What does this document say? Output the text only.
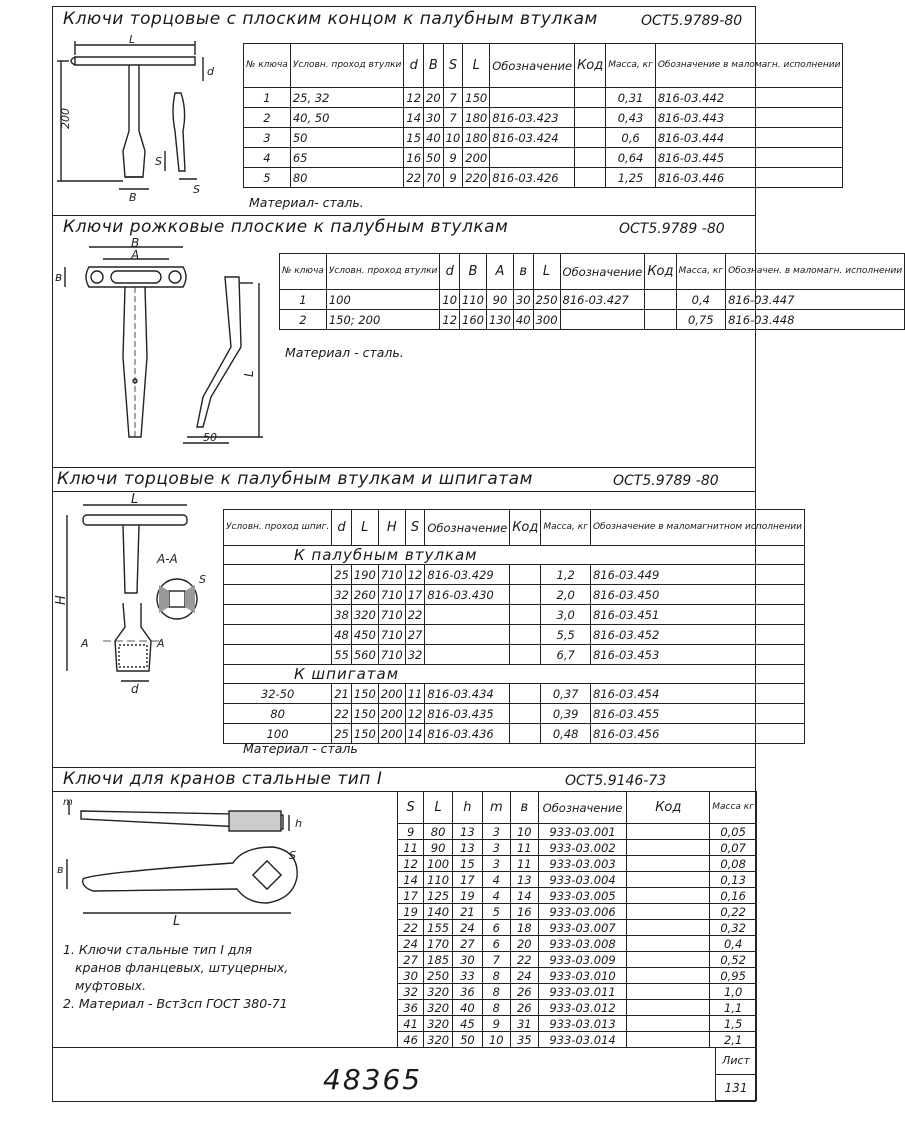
Ключи торцовые с плоским концом к палубным втулкам	ОСТ5.9789-80
L
d
200
B
S
S
№ ключа	Условн. проход втулки	d	B	S	L	Обозначение	Код	Масса, кг	Обозначение в маломагн. исполнении
1	25, 32	12	20	7	150			0,31	816-03.442
2	40, 50	14	30	7	180	816-03.423		0,43	816-03.443
3	50	15	40	10	180	816-03.424		0,6	816-03.444
4	65	16	50	9	200			0,64	816-03.445
5	80	22	70	9	220	816-03.426		1,25	816-03.446
Материал- сталь.
Ключи рожковые плоские к палубным втулкам	ОСТ5.9789 -80
B
A
в
L
50
№ ключа	Условн. проход втулки	d	B	A	в	L	Обозначение	Код	Масса, кг	Обозначен. в маломагн. исполнении
1	100	10	110	90	30	250	816-03.427		0,4	816-03.447
2	150; 200	12	160	130	40	300			0,75	816-03.448
Материал - сталь.
Ключи торцовые к палубным втулкам и шпигатам	ОСТ5.9789 -80
L
H
А-А
А	А
d
S
Условн. проход шпиг.	d	L	H	S	Обозначение	Код	Масса, кг	Обозначение в маломагнитном исполнении
К палубным втулкам								
	25	190	710	12	816-03.429		1,2	816-03.449
	32	260	710	17	816-03.430		2,0	816-03.450
	38	320	710	22			3,0	816-03.451
	48	450	710	27			5,5	816-03.452
	55	560	710	32			6,7	816-03.453
К шпигатам								
32-50	21	150	200	11	816-03.434		0,37	816-03.454
80	22	150	200	12	816-03.435		0,39	816-03.455
100	25	150	200	14	816-03.436		0,48	816-03.456
Материал - сталь
Ключи для кранов стальные тип I	ОСТ5.9146-73
m
h
в
S
L
1. Ключи стальные тип I для
кранов фланцевых, штуцерных,
муфтовых.
2. Материал - Вст3сп ГОСТ 380-71
S	L	h	m	в	Обозначение	Код	Масса кг
9	80	13	3	10	933-03.001		0,05
11	90	13	3	11	933-03.002		0,07
12	100	15	3	11	933-03.003		0,08
14	110	17	4	13	933-03.004		0,13
17	125	19	4	14	933-03.005		0,16
19	140	21	5	16	933-03.006		0,22
22	155	24	6	18	933-03.007		0,32
24	170	27	6	20	933-03.008		0,4
27	185	30	7	22	933-03.009		0,52
30	250	33	8	24	933-03.010		0,95
32	320	36	8	26	933-03.011		1,0
36	320	40	8	26	933-03.012		1,1
41	320	45	9	31	933-03.013		1,5
46	320	50	10	35	933-03.014		2,1
48365
Лист
131
